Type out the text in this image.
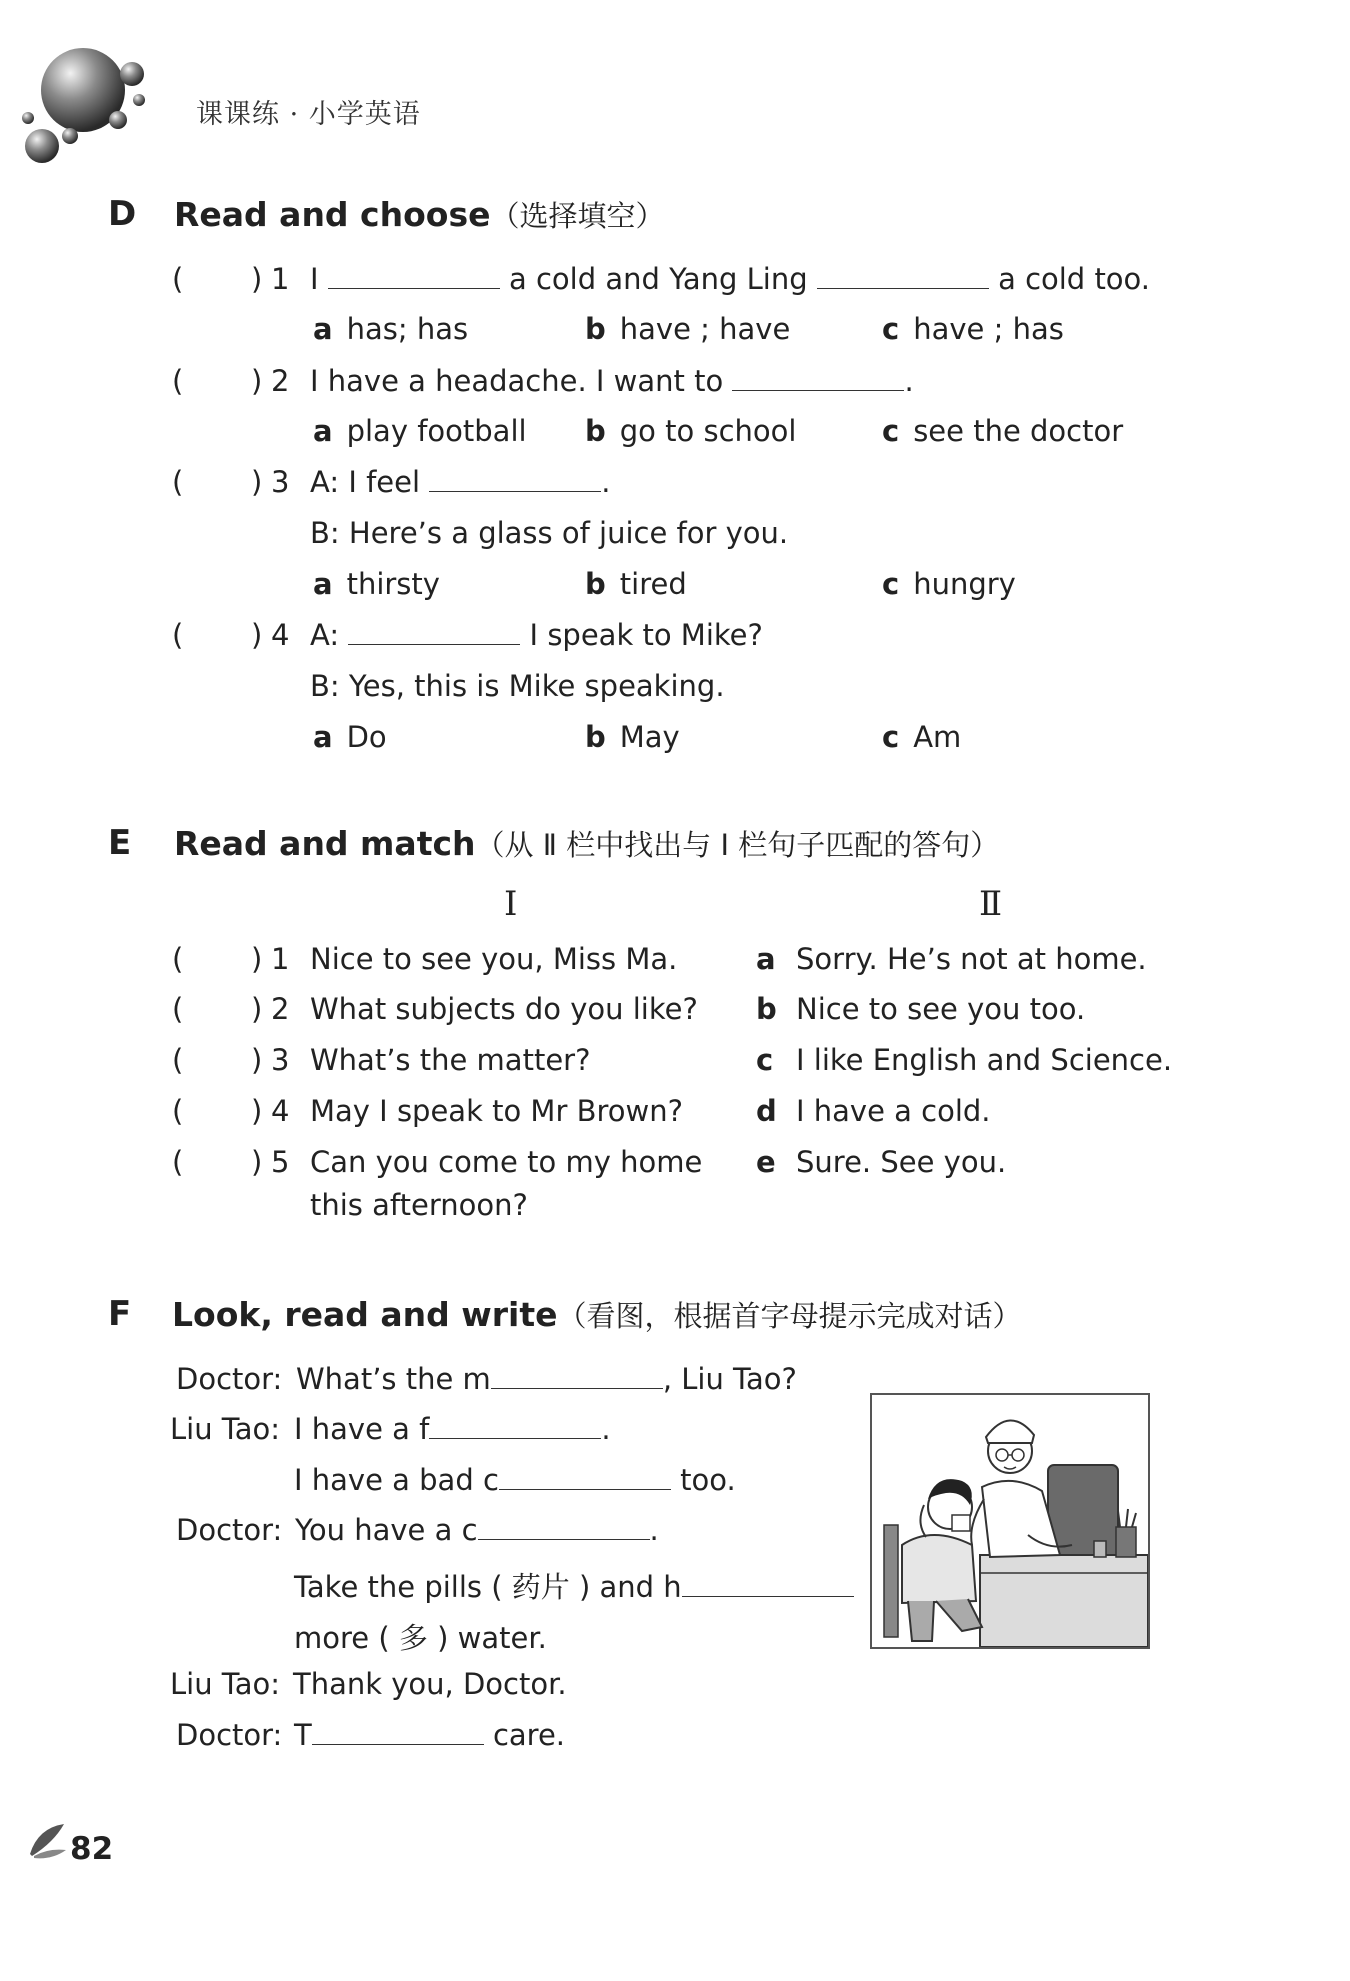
课课练 · 小学英语
D Read and choose（选择填空）
( ) 1 I	a cold and Yang Ling	a cold too.
a has; has	b have ; have	c have ; has
( ) 2 I have a headache. I want to	.
a play football b go to school	c see the doctor
( ) 3 A: I feel	.
B: Here’s a glass of juice for you.
a thirsty	b tired	c hungry
( ) 4 A:	I speak to Mike?
B: Yes, this is Mike speaking.
a Do	b May	c Am
E Read and match（从 Ⅱ 栏中找出与 Ⅰ 栏句子匹配的答句）
Ⅰ	Ⅱ
( ) 1 Nice to see you, Miss Ma.	a Sorry. He’s not at home.
( ) 2 What subjects do you like? b Nice to see you too.
( ) 3 What’s the matter?	c I like English and Science.
( ) 4 May I speak to Mr Brown?	d I have a cold.
( ) 5 Can you come to my home
this afternoon?
e Sure. See you.
F Look, read and write（看图，根据首字母提示完成对话）
Doctor: What’s the m	, Liu Tao?
Liu Tao: I have a f	.
I have a bad c	too.
Doctor: You have a c	.
Take the pills ( 药片 ) and h
more ( 多 ) water.
Liu Tao: Thank you, Doctor.
Doctor: T	care.
82
